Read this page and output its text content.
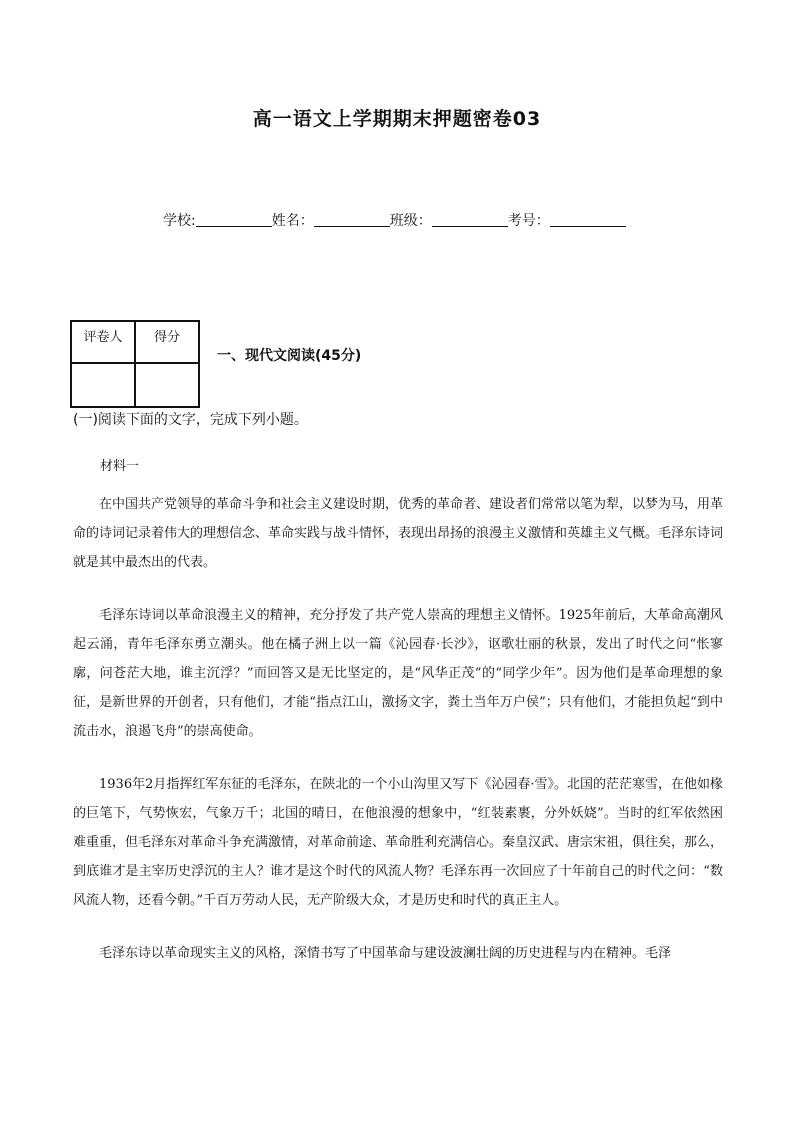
高一语文上学期期末押题密卷03
学校:	姓名：	班级：	考号：
评卷人	得分

一、现代文阅读(45分)
(一)阅读下面的文字，完成下列小题。
材料一

在中国共产党领导的革命斗争和社会主义建设时期，优秀的革命者、建设者们常常以笔为犁，以梦为马，用革命的诗词记录着伟大的理想信念、革命实践与战斗情怀，表现出昂扬的浪漫主义激情和英雄主义气概。毛泽东诗词就是其中最杰出的代表。

毛泽东诗词以革命浪漫主义的精神，充分抒发了共产党人崇高的理想主义情怀。1925年前后，大革命高潮风起云涌，青年毛泽东勇立潮头。他在橘子洲上以一篇《沁园春·长沙》，讴歌壮丽的秋景，发出了时代之问“怅寥廓，问苍茫大地，谁主沉浮？”而回答又是无比坚定的，是“风华正茂”的“同学少年”。因为他们是革命理想的象征，是新世界的开创者，只有他们，才能“指点江山，激扬文字，粪土当年万户侯”；只有他们，才能担负起“到中流击水，浪遏飞舟”的崇高使命。

1936年2月指挥红军东征的毛泽东，在陕北的一个小山沟里又写下《沁园春·雪》。北国的茫茫寒雪，在他如椽的巨笔下，气势恢宏，气象万千；北国的晴日，在他浪漫的想象中，“红装素裹，分外妖娆”。当时的红军依然困难重重，但毛泽东对革命斗争充满激情，对革命前途、革命胜利充满信心。秦皇汉武、唐宗宋祖，俱往矣，那么，到底谁才是主宰历史浮沉的主人？谁才是这个时代的风流人物？毛泽东再一次回应了十年前自己的时代之问：“数风流人物，还看今朝。”千百万劳动人民，无产阶级大众，才是历史和时代的真正主人。

毛泽东诗以革命现实主义的风格，深情书写了中国革命与建设波澜壮阔的历史进程与内在精神。毛泽
